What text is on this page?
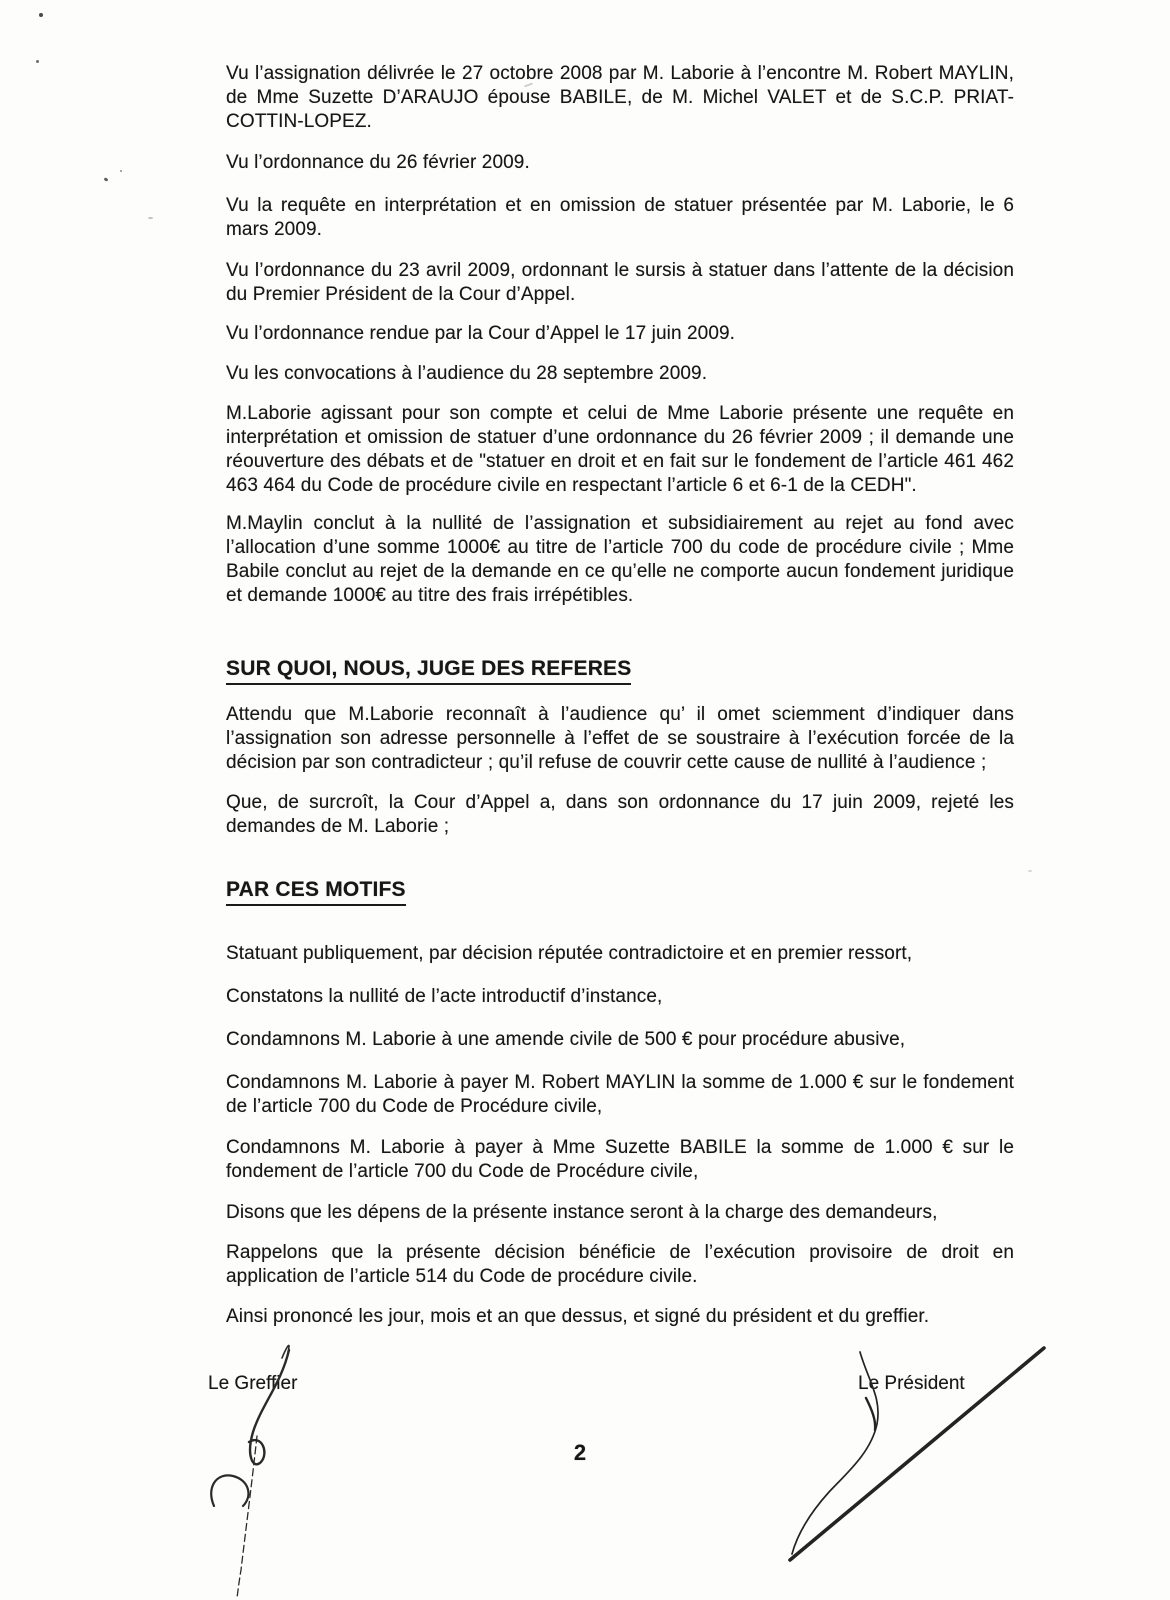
Vu l’assignation délivrée le 27 octobre 2008 par M. Laborie à l’encontre M. Robert MAYLIN, de Mme Suzette D’ARAUJO épouse BABILE, de M. Michel VALET et de S.C.P. PRIAT-COTTIN-LOPEZ.

Vu l’ordonnance du 26 février 2009.

Vu la requête en interprétation et en omission de statuer présentée par M. Laborie, le 6 mars 2009.

Vu l’ordonnance du 23 avril 2009, ordonnant le sursis à statuer dans l’attente de la décision du Premier Président de la Cour d’Appel.

Vu l’ordonnance rendue par la Cour d’Appel le 17 juin 2009.

Vu les convocations à l’audience du 28 septembre 2009.

M.Laborie agissant pour son compte et celui de Mme Laborie présente une requête en interprétation et omission de statuer d’une ordonnance du 26 février 2009 ; il demande une réouverture des débats et de "statuer en droit et en fait sur le fondement de l’article 461 462 463 464 du Code de procédure civile en respectant l’article 6 et 6-1 de la CEDH".

M.Maylin conclut à la nullité de l’assignation et subsidiairement au rejet au fond avec l’allocation d’une somme 1000€ au titre de l’article 700 du code de procédure civile ; Mme Babile conclut au rejet de la demande en ce qu’elle ne comporte aucun fondement juridique et demande 1000€ au titre des frais irrépétibles.

SUR QUOI, NOUS, JUGE DES REFERES

Attendu que M.Laborie reconnaît à l’audience qu’ il omet sciemment d’indiquer dans l’assignation son adresse personnelle à l’effet de se soustraire à l’exécution forcée de la décision par son contradicteur ; qu’il refuse de couvrir cette cause de nullité à l’audience ;

Que, de surcroît, la Cour d’Appel a, dans son ordonnance du 17 juin 2009, rejeté les demandes de M. Laborie ;

PAR CES MOTIFS

Statuant publiquement, par décision réputée contradictoire et en premier ressort,

Constatons la nullité de l’acte introductif d’instance,

Condamnons M. Laborie à une amende civile de 500 € pour procédure abusive,

Condamnons M. Laborie à payer M. Robert MAYLIN la somme de 1.000 € sur le fondement de l’article 700 du Code de Procédure civile,

Condamnons M. Laborie à payer à Mme Suzette BABILE la somme de 1.000 € sur le fondement de l’article 700 du Code de Procédure civile,

Disons que les dépens de la présente instance seront à la charge des demandeurs,

Rappelons que la présente décision bénéficie de l’exécution provisoire de droit en application de l’article 514 du Code de procédure civile.

Ainsi prononcé les jour, mois et an que dessus, et signé du président et du greffier.

Le Greffier	Le Président
2
